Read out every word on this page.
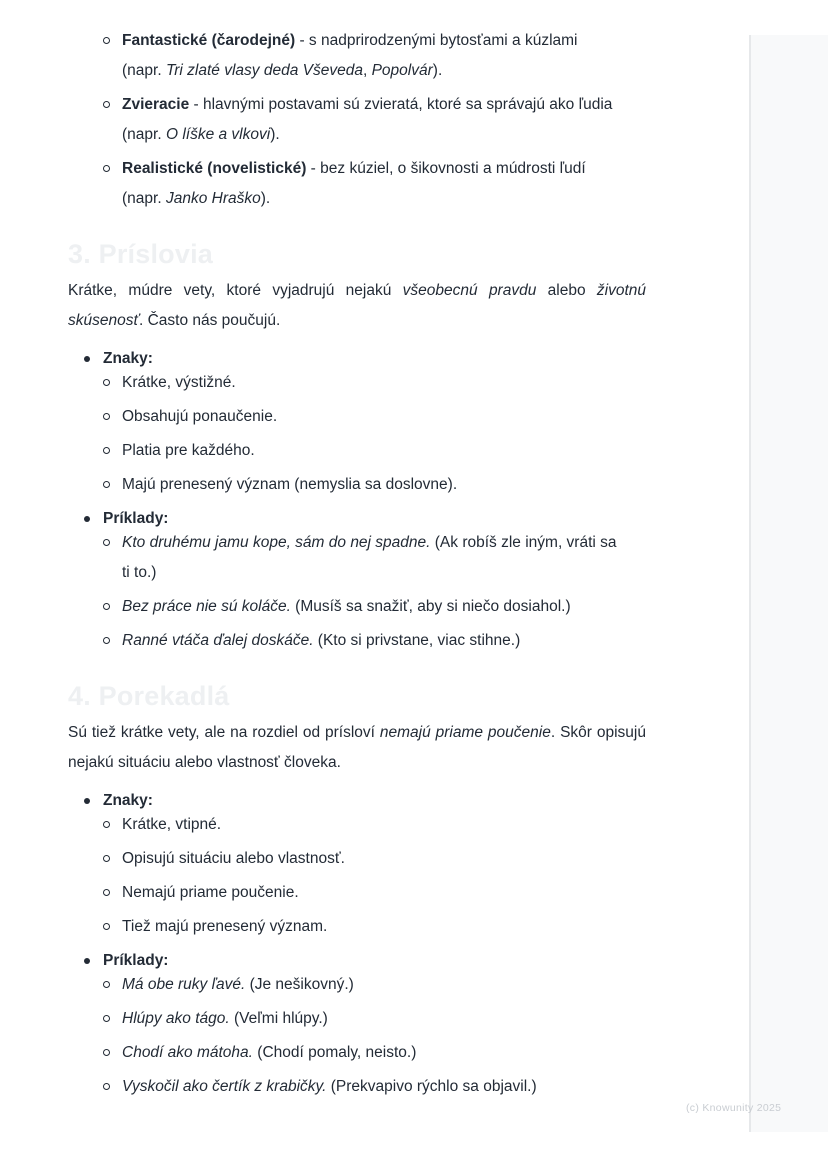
Fantastické (čarodejné) - s nadprirodzenými bytosťami a kúzlami
(napr. Tri zlaté vlasy deda Vševeda, Popolvár).
Zvieracie - hlavnými postavami sú zvieratá, ktoré sa správajú ako ľudia
(napr. O líške a vlkovi).
Realistické (novelistické) - bez kúziel, o šikovnosti a múdrosti ľudí
(napr. Janko Hraško).
3. Príslovia

Krátke, múdre vety, ktoré vyjadrujú nejakú všeobecnú pravdu alebo životnú skúsenosť. Často nás poučujú.

Znaky:
Krátke, výstižné.
Obsahujú ponaučenie.
Platia pre každého.
Majú prenesený význam (nemyslia sa doslovne).
Príklady:
Kto druhému jamu kope, sám do nej spadne. (Ak robíš zle iným, vráti sa
ti to.)
Bez práce nie sú koláče. (Musíš sa snažiť, aby si niečo dosiahol.)
Ranné vtáča ďalej doskáče. (Kto si privstane, viac stihne.)
4. Porekadlá

Sú tiež krátke vety, ale na rozdiel od prísloví nemajú priame poučenie. Skôr opisujú nejakú situáciu alebo vlastnosť človeka.

Znaky:
Krátke, vtipné.
Opisujú situáciu alebo vlastnosť.
Nemajú priame poučenie.
Tiež majú prenesený význam.
Príklady:
Má obe ruky ľavé. (Je nešikovný.)
Hlúpy ako tágo. (Veľmi hlúpy.)
Chodí ako mátoha. (Chodí pomaly, neisto.)
Vyskočil ako čertík z krabičky. (Prekvapivo rýchlo sa objavil.)
(c) Knowunity 2025
